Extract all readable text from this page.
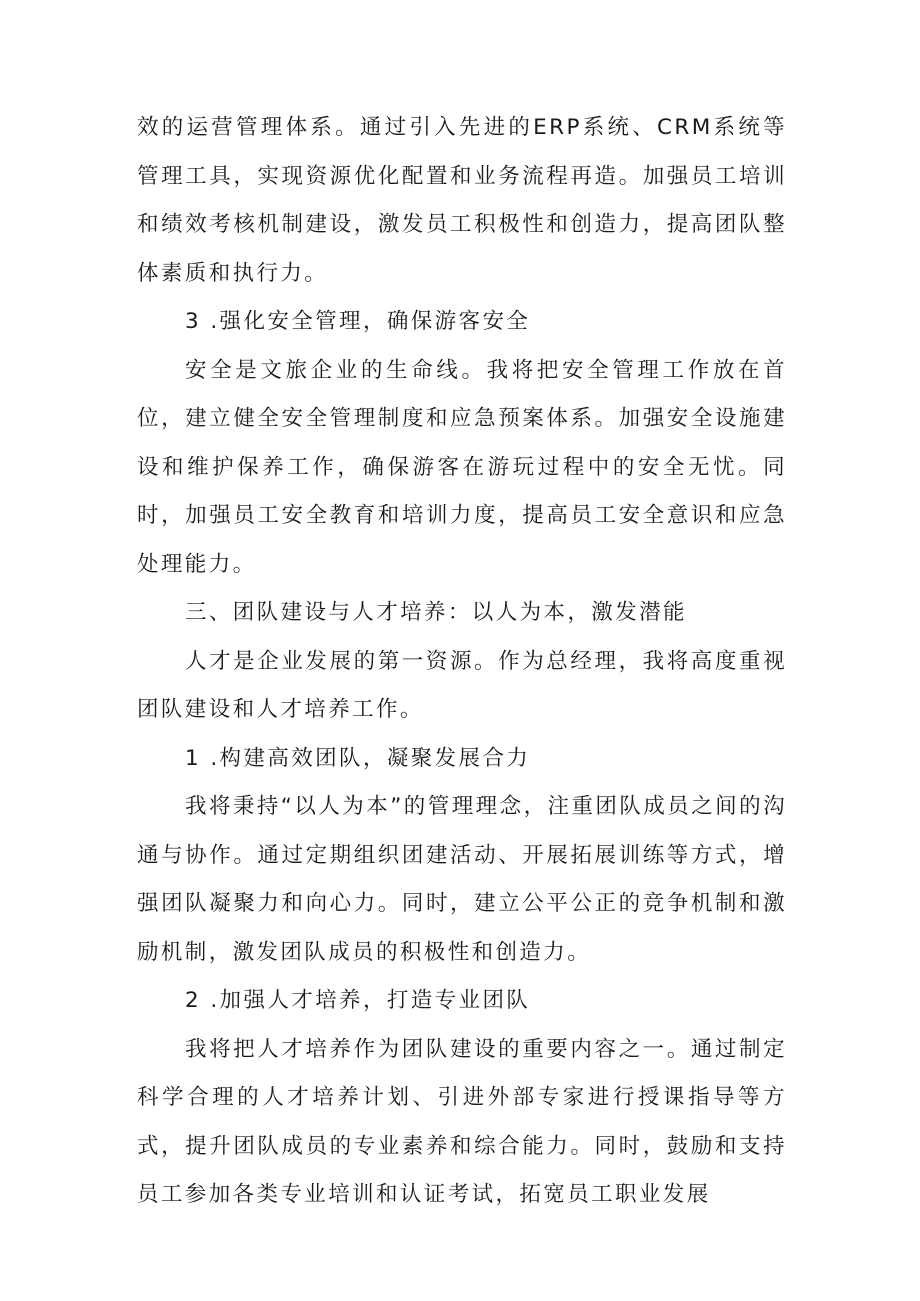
效的运营管理体系。通过引入先进的ERP系统、CRM系统等管理工具，实现资源优化配置和业务流程再造。加强员工培训和绩效考核机制建设，激发员工积极性和创造力，提高团队整体素质和执行力。

3 .强化安全管理，确保游客安全

安全是文旅企业的生命线。我将把安全管理工作放在首位，建立健全安全管理制度和应急预案体系。加强安全设施建设和维护保养工作，确保游客在游玩过程中的安全无忧。同时，加强员工安全教育和培训力度，提高员工安全意识和应急处理能力。

三、团队建设与人才培养：以人为本，激发潜能

人才是企业发展的第一资源。作为总经理，我将高度重视团队建设和人才培养工作。

1 .构建高效团队，凝聚发展合力

我将秉持“以人为本”的管理理念，注重团队成员之间的沟通与协作。通过定期组织团建活动、开展拓展训练等方式，增强团队凝聚力和向心力。同时，建立公平公正的竞争机制和激励机制，激发团队成员的积极性和创造力。

2 .加强人才培养，打造专业团队

我将把人才培养作为团队建设的重要内容之一。通过制定科学合理的人才培养计划、引进外部专家进行授课指导等方式，提升团队成员的专业素养和综合能力。同时，鼓励和支持员工参加各类专业培训和认证考试，拓宽员工职业发展
